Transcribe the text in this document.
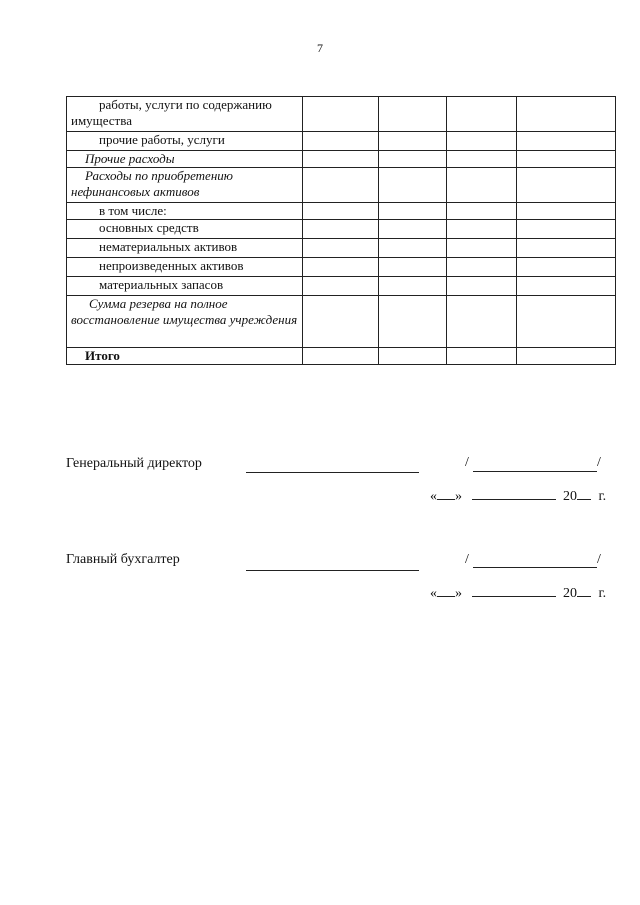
7
работы, услуги по содержанию имущества				
прочие работы, услуги				
Прочие расходы				
Расходы по приобретению нефинансовых активов				
в том числе:				
основных средств				
нематериальных активов				
непроизведенных активов				
материальных запасов				
Сумма резерва на полное восстановление имущества учреждения				
Итого				
Генеральный директор	/	/
« »	20 г.
Главный бухгалтер	/	/
« »	20 г.
